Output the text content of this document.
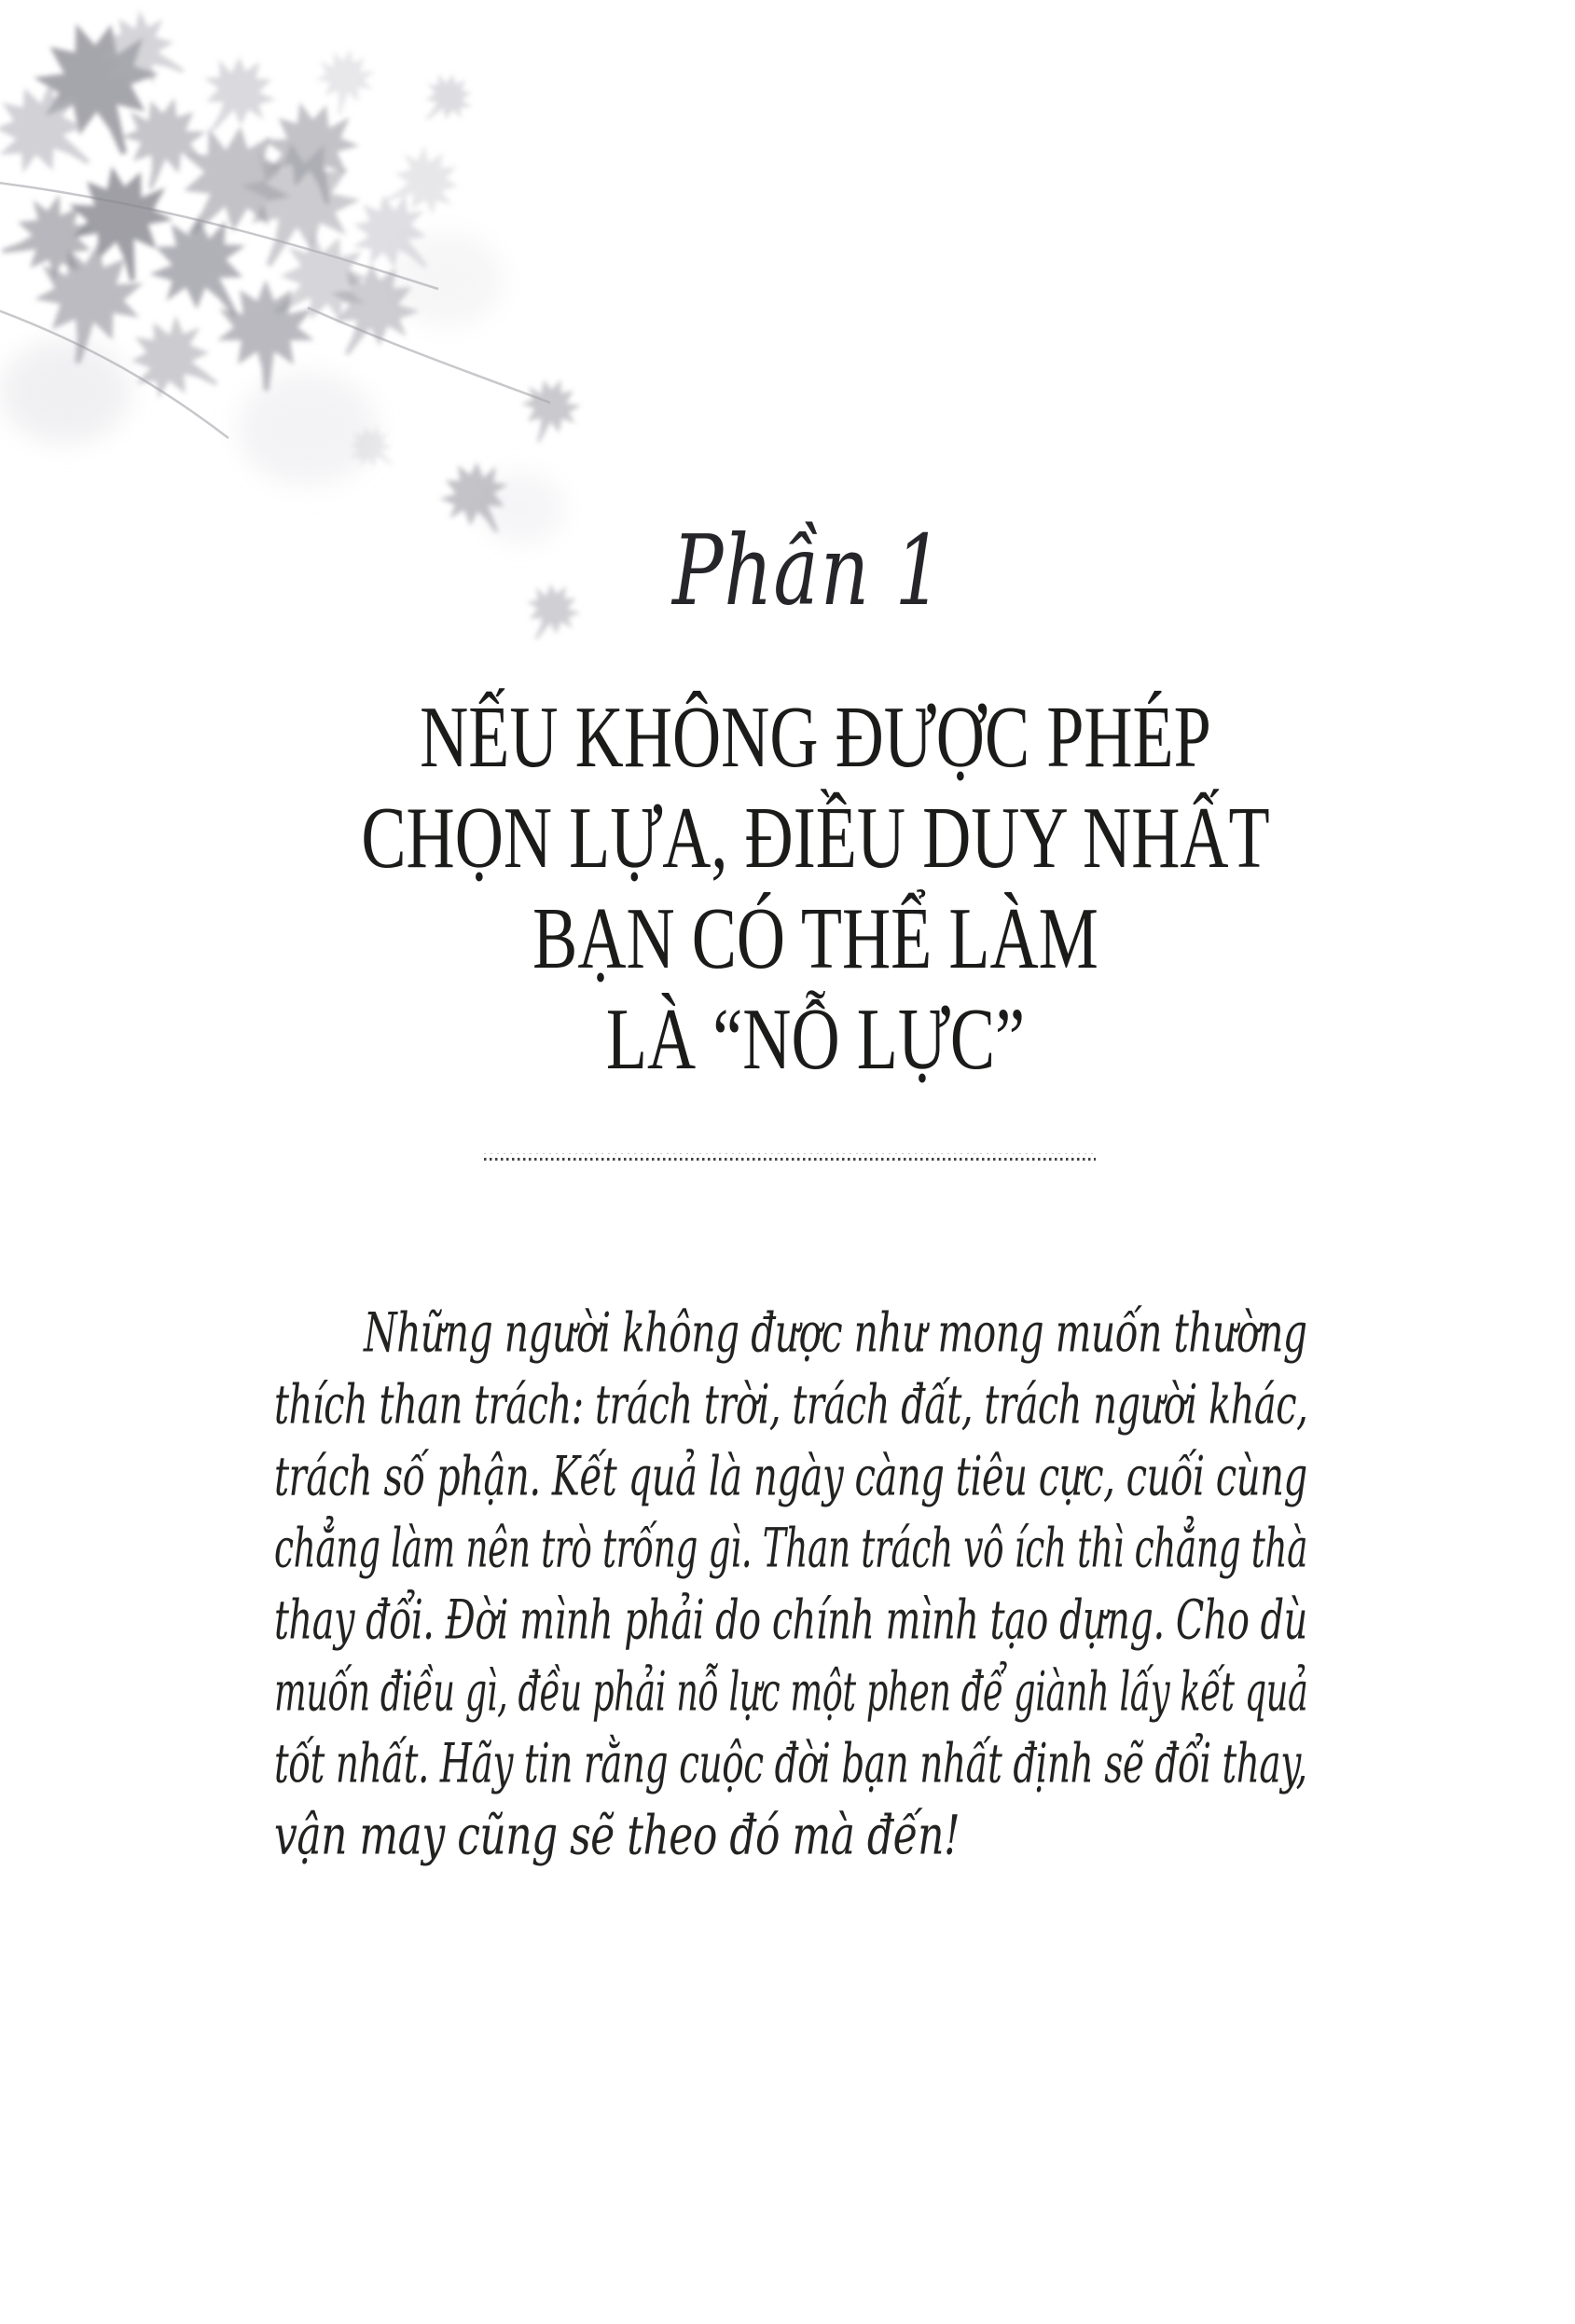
Phần 1
NẾU KHÔNG ĐƯỢC PHÉP
CHỌN LỰA, ĐIỀU DUY NHẤT
BẠN CÓ THỂ LÀM
LÀ “NỖ LỰC”
Những người không được như mong muốn thường
thích than trách: trách trời, trách đất, trách người khác,
trách số phận. Kết quả là ngày càng tiêu cực, cuối cùng
chẳng làm nên trò trống gì. Than trách vô ích thì chẳng thà
thay đổi. Đời mình phải do chính mình tạo dựng. Cho dù
muốn điều gì, đều phải nỗ lực một phen để giành lấy kết quả
tốt nhất. Hãy tin rằng cuộc đời bạn nhất định sẽ đổi thay,
vận may cũng sẽ theo đó mà đến!
